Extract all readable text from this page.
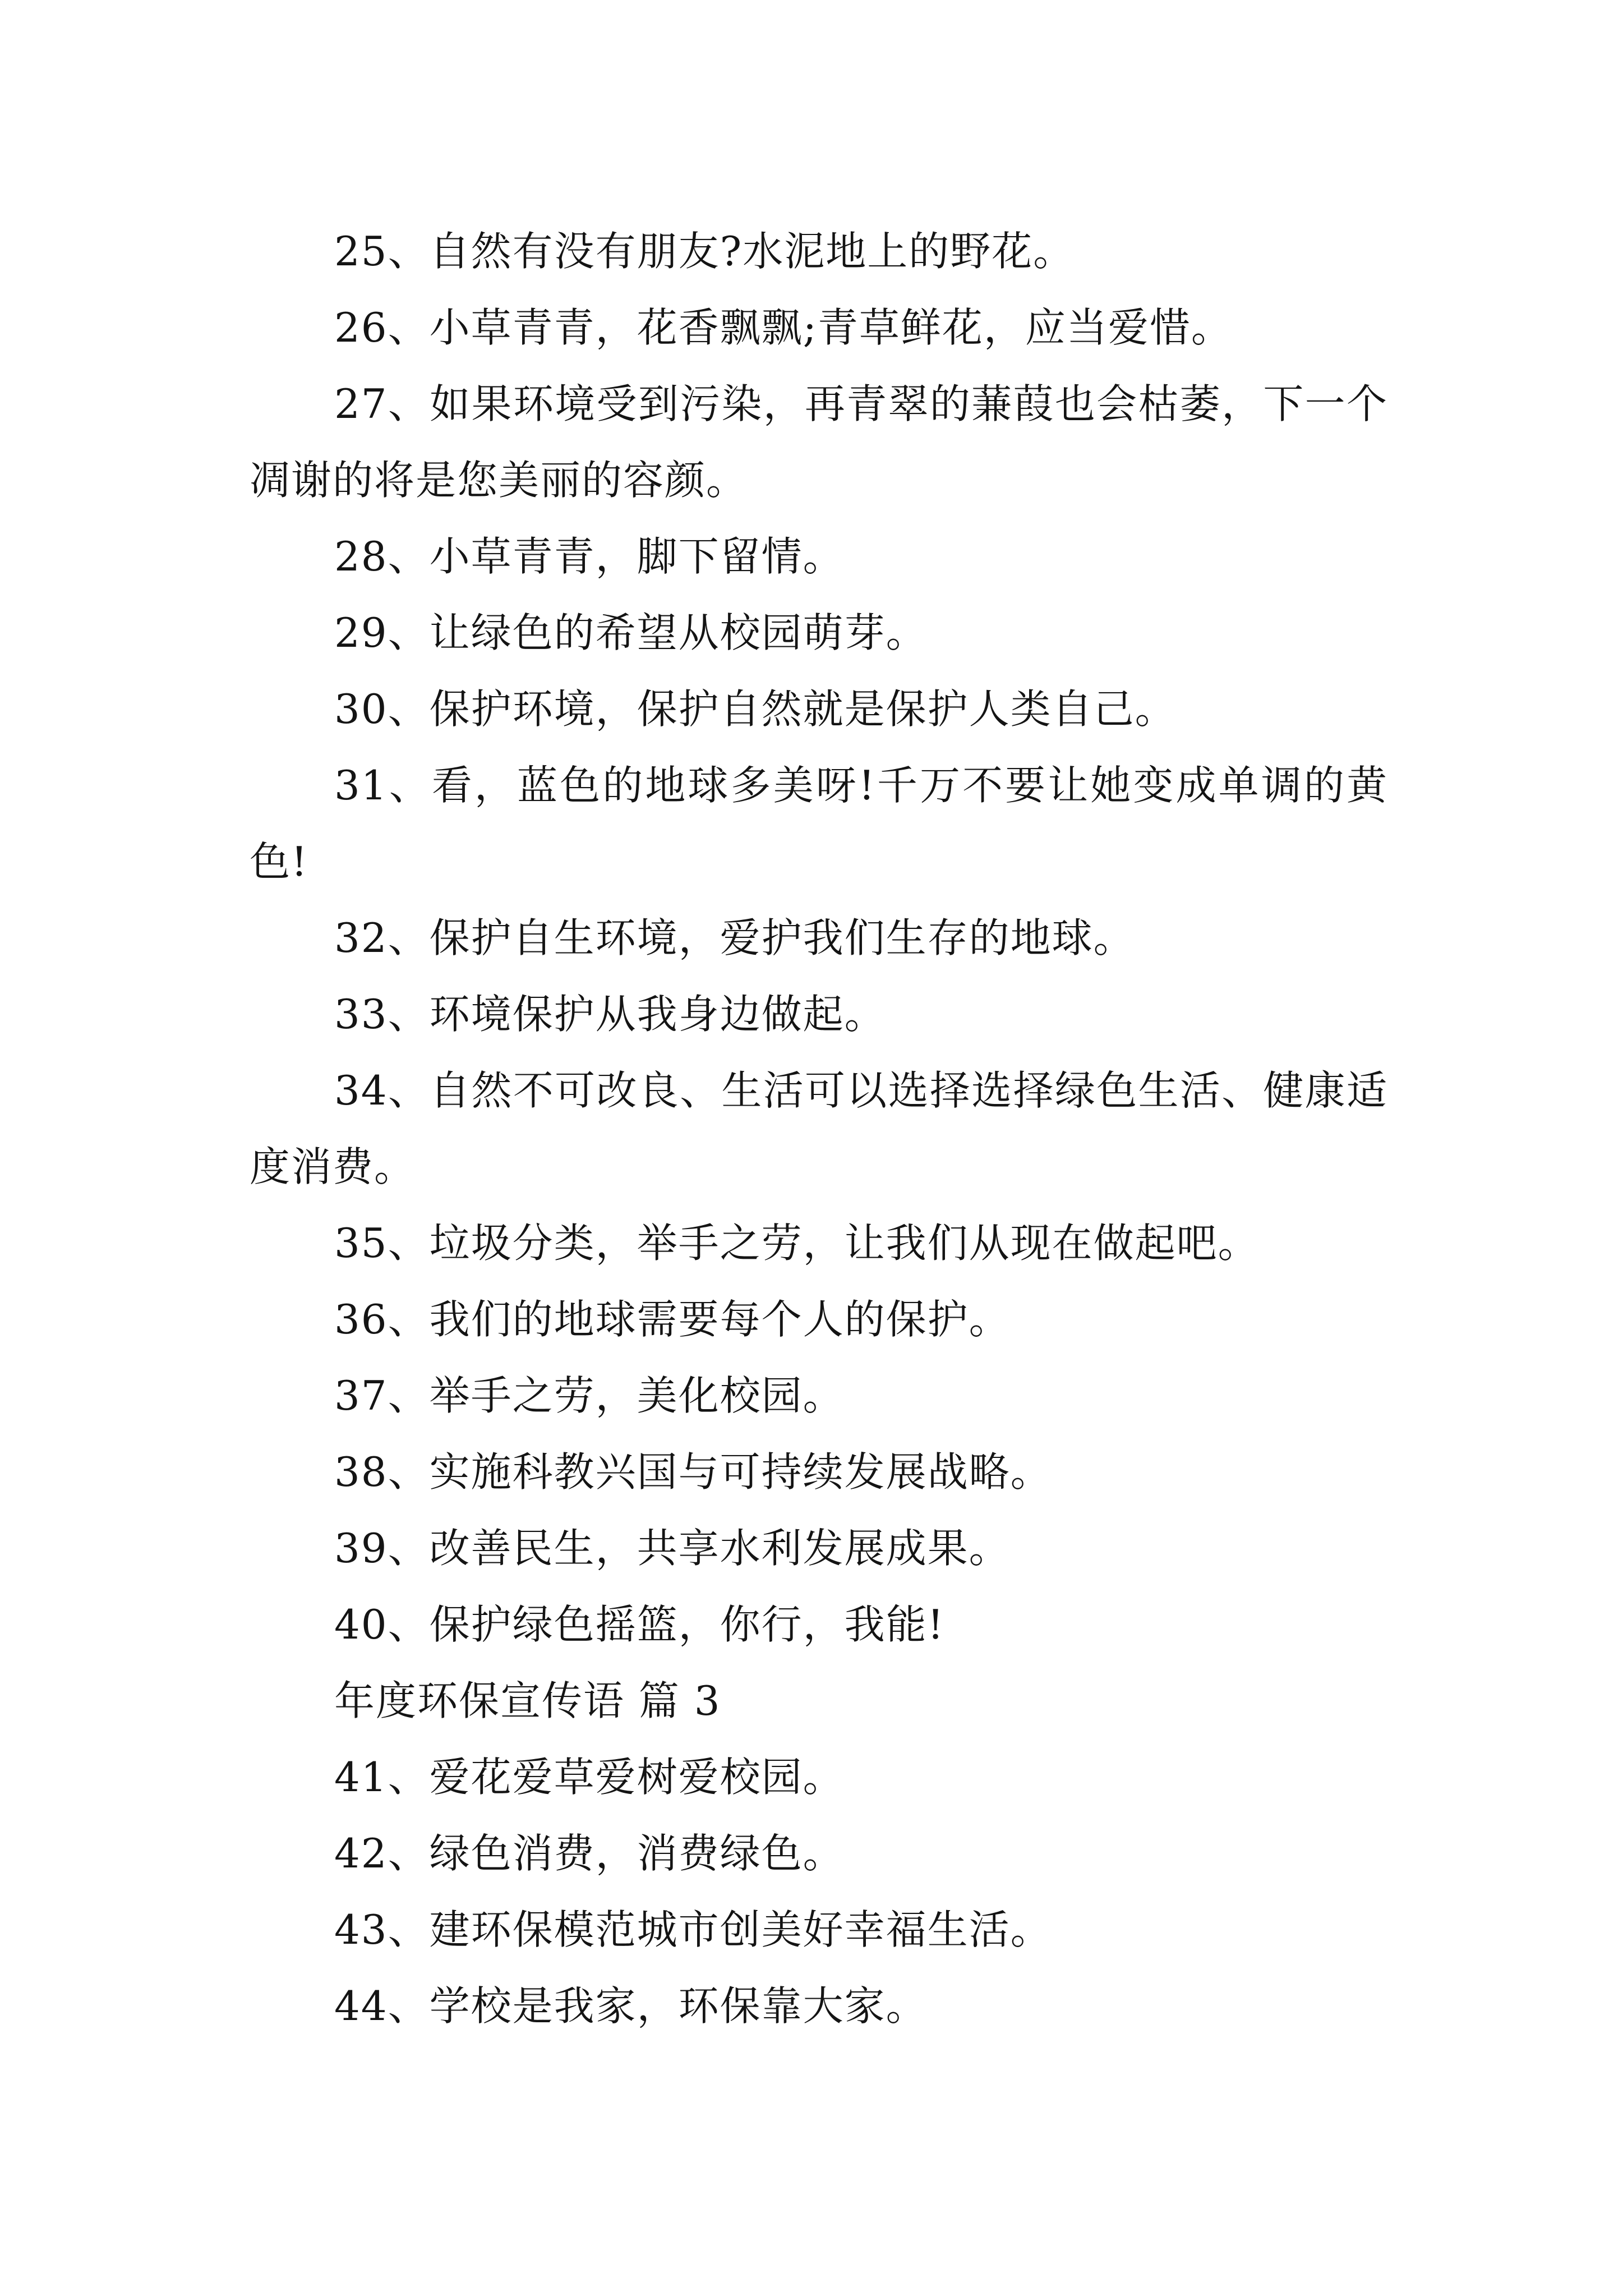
25、自然有没有朋友?水泥地上的野花。

26、小草青青，花香飘飘;青草鲜花，应当爱惜。

27、如果环境受到污染，再青翠的蒹葭也会枯萎，下一个凋谢的将是您美丽的容颜。

28、小草青青，脚下留情。

29、让绿色的希望从校园萌芽。

30、保护环境，保护自然就是保护人类自己。

31、看，蓝色的地球多美呀!千万不要让她变成单调的黄色!

32、保护自生环境，爱护我们生存的地球。

33、环境保护从我身边做起。

34、自然不可改良、生活可以选择选择绿色生活、健康适度消费。

35、垃圾分类，举手之劳，让我们从现在做起吧。

36、我们的地球需要每个人的保护。

37、举手之劳，美化校园。

38、实施科教兴国与可持续发展战略。

39、改善民生，共享水利发展成果。

40、保护绿色摇篮，你行，我能!

年度环保宣传语 篇 3

41、爱花爱草爱树爱校园。

42、绿色消费，消费绿色。

43、建环保模范城市创美好幸福生活。

44、学校是我家，环保靠大家。
